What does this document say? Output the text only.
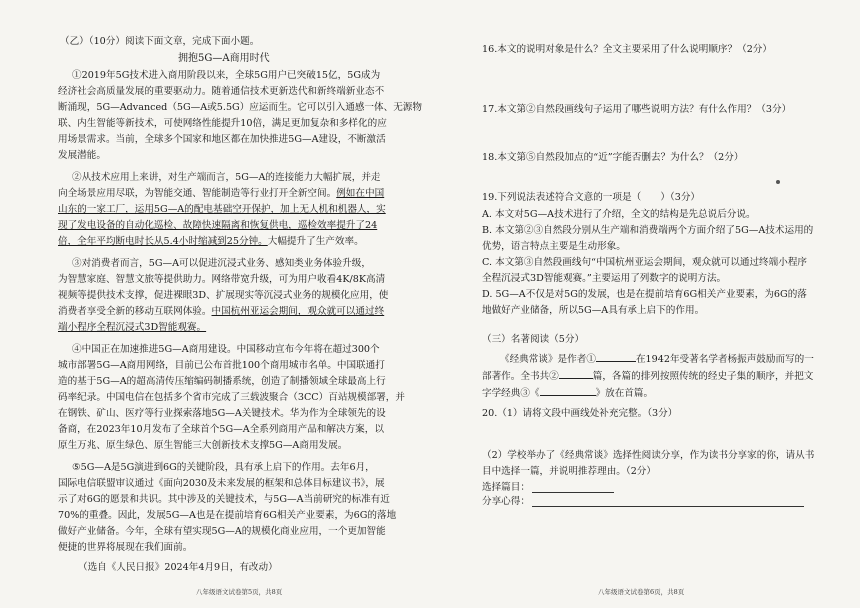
（乙）（10分）阅读下面文章，完成下面小题。
拥抱5G—A商用时代
①2019年5G技术进入商用阶段以来，全球5G用户已突破15亿，5G成为
经济社会高质量发展的重要驱动力。随着通信技术更新迭代和新终端新业态不
断涌现，5G—Advanced（5G—A或5.5G）应运而生。它可以引入通感一体、无源物
联、内生智能等新技术，可使网络性能提升10倍，满足更加复杂和多样化的应
用场景需求。当前，全球多个国家和地区都在加快推进5G—A建设，不断激活
发展潜能。
②从技术应用上来讲，对生产端而言，5G—A的连接能力大幅扩展，并走
向全场景应用尽联，为智能交通、智能制造等行业打开全新空间。例如在中国
山东的一家工厂，运用5G—A的配电基础空开保护，加上无人机和机器人，实
现了发电设备的自动化巡检、故障快速隔离和恢复供电，巡检效率提升了24
倍，全年平均断电时长从5.4小时缩减到25分钟。大幅提升了生产效率。
③对消费者而言，5G—A可以促进沉浸式业务、感知类业务体验升级，
为智慧家庭、智慧文旅等提供助力。网络带宽升级，可为用户收看4K/8K高清
视频等提供技术支撑，促进裸眼3D、扩展现实等沉浸式业务的规模化应用，使
消费者享受全新的移动互联网体验。中国杭州亚运会期间，观众就可以通过终
端小程序全程沉浸式3D智能观赛。
④中国正在加速推进5G—A商用建设。中国移动宣布今年将在超过300个
城市部署5G—A商用网络，目前已公布首批100个商用城市名单。中国联通打
造的基于5G—A的超高清传压缩编码制播系统，创造了制播领域全球最高上行
码率纪录。中国电信在包括多个省市完成了三载波聚合（3CC）百站规模部署，并
在钢铁、矿山、医疗等行业探索落地5G—A关键技术。华为作为全球领先的设
备商，在2023年10月发布了全球首个5G—A全系列商用产品和解决方案，以
原生万兆、原生绿色、原生智能三大创新技术支撑5G—A商用发展。
⑤5G—A是5G演进到6G的关键阶段，具有承上启下的作用。去年6月，
国际电信联盟审议通过《面向2030及未来发展的框架和总体目标建议书》，展
示了对6G的愿景和共识。其中涉及的关键技术，与5G—A当前研究的标准有近
70%的重叠。因此，发展5G—A也是在提前培育6G相关产业要素，为6G的落地
做好产业储备。今年，全球有望实现5G—A的规模化商业应用，一个更加智能
便捷的世界将展现在我们面前。
（选自《人民日报》2024年4月9日，有改动）
八年级语文试卷第5页，共8页
16.本文的说明对象是什么？全文主要采用了什么说明顺序？（2分）
17.本文第②自然段画线句子运用了哪些说明方法？有什么作用？（3分）
18.本文第⑤自然段加点的“近”字能否删去？为什么？（2分）
19.下列说法表述符合文意的一项是（　　）（3分）
A. 本文对5G—A技术进行了介绍，全文的结构是先总说后分说。
B. 本文第②③自然段分别从生产端和消费端两个方面介绍了5G—A技术运用的
优势，语言特点主要是生动形象。
C. 本文第③自然段画线句“中国杭州亚运会期间，观众就可以通过终端小程序
全程沉浸式3D智能观赛。”主要运用了列数字的说明方法。
D. 5G—A不仅是对5G的发展，也是在提前培育6G相关产业要素，为6G的落
地做好产业储备，所以5G—A具有承上启下的作用。
（三）名著阅读（5分）
《经典常谈》是作者①	在1942年受著名学者杨振声鼓励而写的一
部著作。全书共②	篇，各篇的排列按照传统的经史子集的顺序，并把文
字学经典③《	》放在首篇。
20.（1）请将文段中画线处补充完整。（3分）
（2）学校举办了《经典常谈》选择性阅读分享，作为读书分享家的你，请从书
目中选择一篇，并说明推荐理由。（2分）
选择篇目：
分享心得：
八年级语文试卷第6页，共8页
